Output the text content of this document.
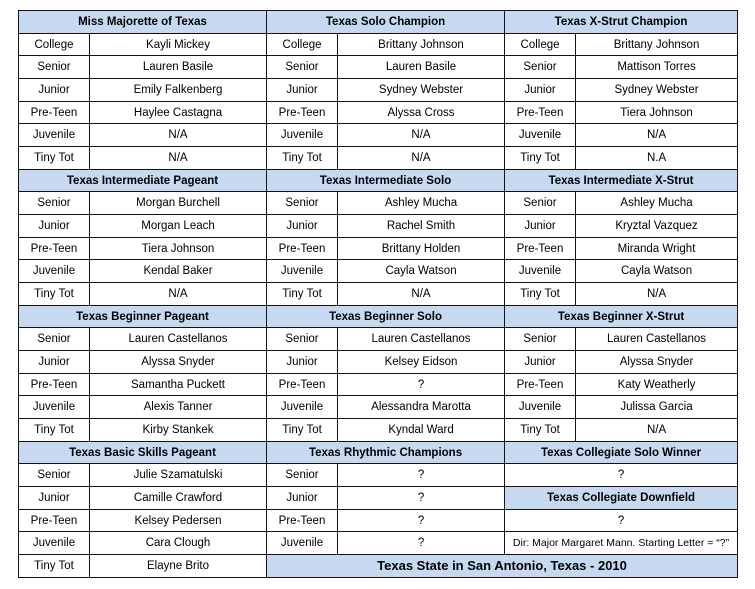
Miss Majorette of Texas		Texas Solo Champion		Texas X-Strut Champion	
College	Kayli Mickey	College	Brittany Johnson	College	Brittany Johnson
Senior	Lauren Basile	Senior	Lauren Basile	Senior	Mattison Torres
Junior	Emily Falkenberg	Junior	Sydney Webster	Junior	Sydney Webster
Pre-Teen	Haylee Castagna	Pre-Teen	Alyssa Cross	Pre-Teen	Tiera Johnson
Juvenile	N/A	Juvenile	N/A	Juvenile	N/A
Tiny Tot	N/A	Tiny Tot	N/A	Tiny Tot	N.A
Texas Intermediate Pageant		Texas Intermediate Solo		Texas Intermediate X-Strut	
Senior	Morgan Burchell	Senior	Ashley Mucha	Senior	Ashley Mucha
Junior	Morgan Leach	Junior	Rachel Smith	Junior	Kryztal Vazquez
Pre-Teen	Tiera Johnson	Pre-Teen	Brittany Holden	Pre-Teen	Miranda Wright
Juvenile	Kendal Baker	Juvenile	Cayla Watson	Juvenile	Cayla Watson
Tiny Tot	N/A	Tiny Tot	N/A	Tiny Tot	N/A
Texas Beginner Pageant		Texas Beginner Solo		Texas Beginner X-Strut	
Senior	Lauren Castellanos	Senior	Lauren Castellanos	Senior	Lauren Castellanos
Junior	Alyssa Snyder	Junior	Kelsey Eidson	Junior	Alyssa Snyder
Pre-Teen	Samantha Puckett	Pre-Teen	?	Pre-Teen	Katy Weatherly
Juvenile	Alexis Tanner	Juvenile	Alessandra Marotta	Juvenile	Julissa Garcia
Tiny Tot	Kirby Stankek	Tiny Tot	Kyndal Ward	Tiny Tot	N/A
Texas Basic Skills Pageant		Texas Rhythmic Champions		Texas Collegiate Solo Winner	
Senior	Julie Szamatulski	Senior	?	?	
Junior	Camille Crawford	Junior	?	Texas Collegiate Downfield	
Pre-Teen	Kelsey Pedersen	Pre-Teen	?	?	
Juvenile	Cara Clough	Juvenile	?	Dir: Major Margaret Mann. Starting Letter = “?”	
Tiny Tot	Elayne Brito	Texas State in San Antonio, Texas - 2010			
